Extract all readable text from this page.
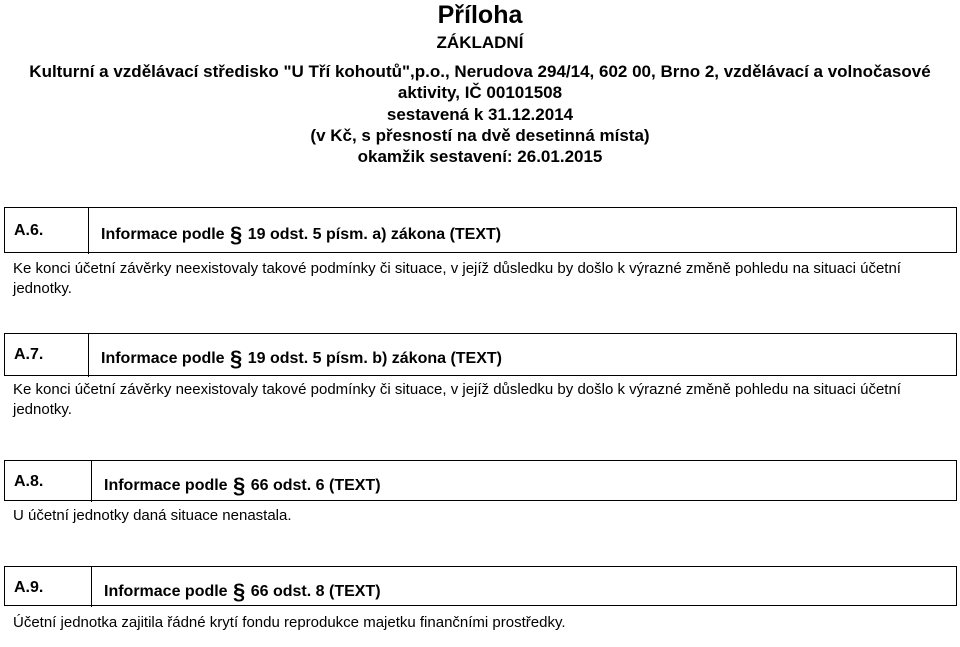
Příloha
ZÁKLADNÍ
Kulturní a vzdělávací středisko "U Tří kohoutů",p.o., Nerudova 294/14, 602 00, Brno 2, vzdělávací a volnočasové
aktivity, IČ 00101508
sestavená k 31.12.2014
(v Kč, s přesností na dvě desetinná místa)
okamžik sestavení: 26.01.2015
A.6.	Informace podle § 19 odst. 5 písm. a) zákona (TEXT)
Ke konci účetní závěrky neexistovaly takové podmínky či situace, v jejíž důsledku by došlo k výrazné změně pohledu na situaci účetní jednotky.
A.7.	Informace podle § 19 odst. 5 písm. b) zákona (TEXT)
Ke konci účetní závěrky neexistovaly takové podmínky či situace, v jejíž důsledku by došlo k výrazné změně pohledu na situaci účetní jednotky.
A.8.	Informace podle § 66 odst. 6 (TEXT)
U účetní jednotky daná situace nenastala.
A.9.	Informace podle § 66 odst. 8 (TEXT)
Účetní jednotka zajitila řádné krytí fondu reprodukce majetku finančními prostředky.
